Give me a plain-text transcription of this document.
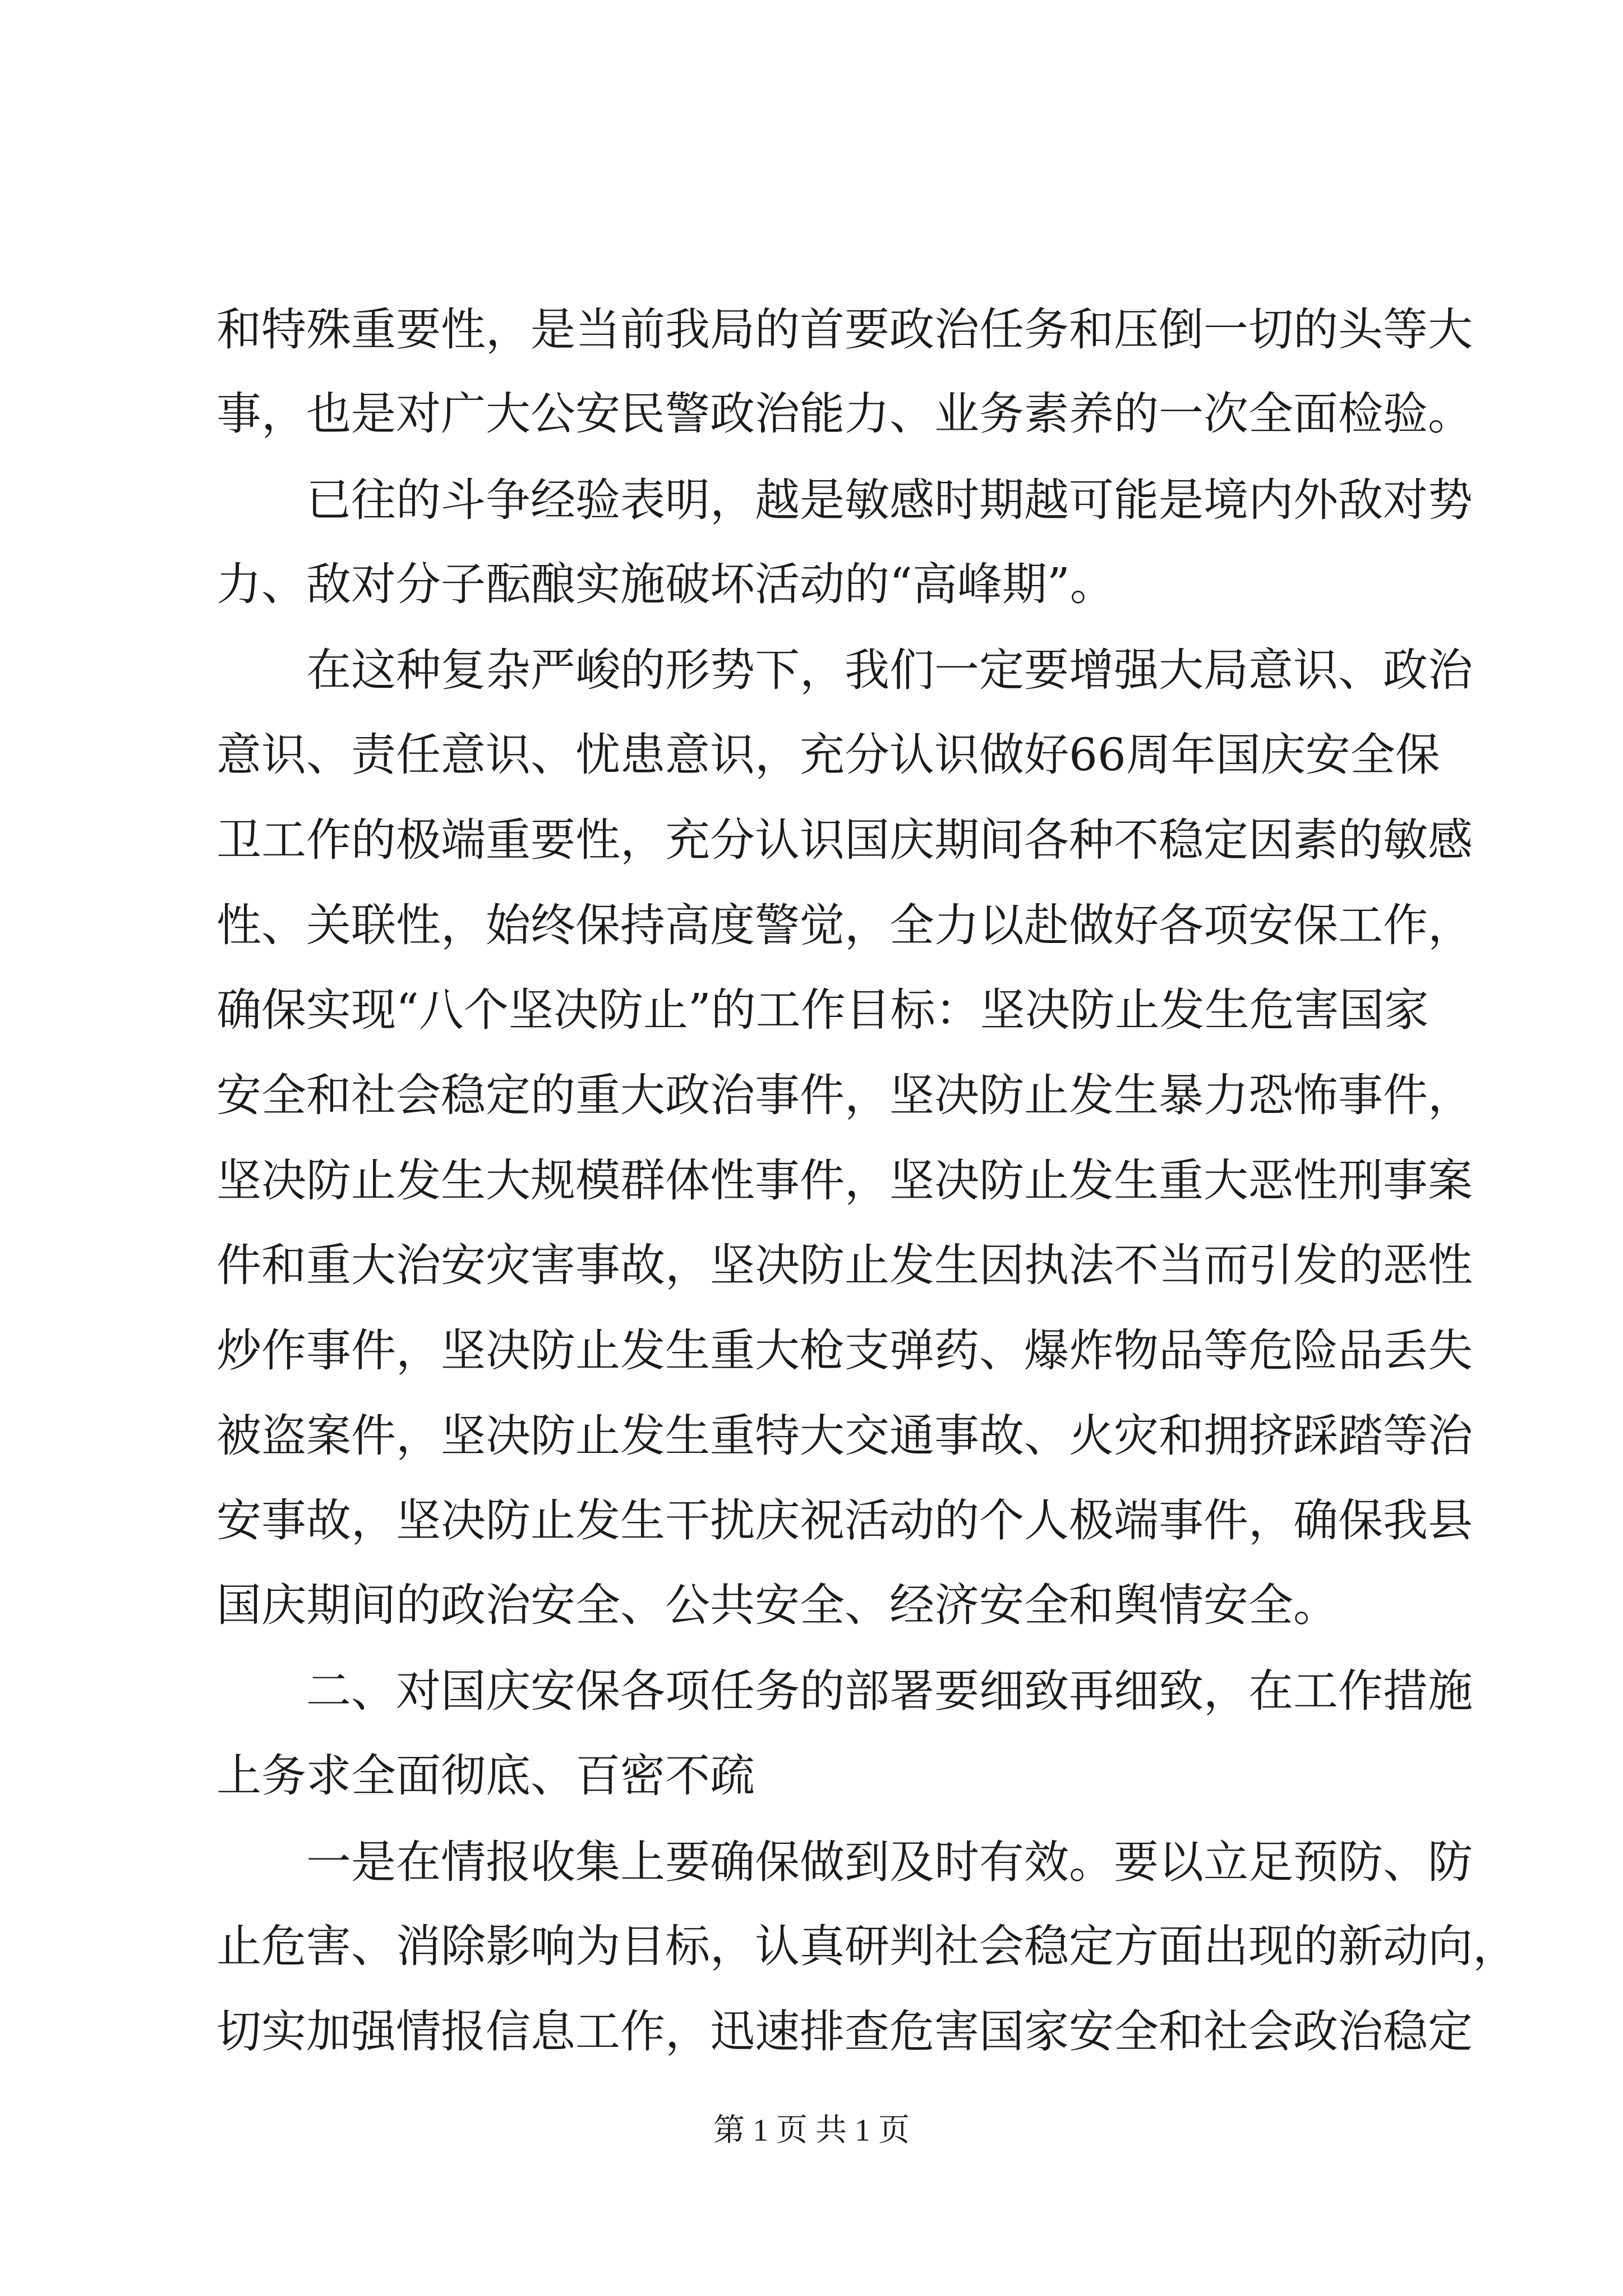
和特殊重要性，是当前我局的首要政治任务和压倒一切的头等大
事，也是对广大公安民警政治能力、业务素养的一次全面检验。
已往的斗争经验表明，越是敏感时期越可能是境内外敌对势
力、敌对分子酝酿实施破坏活动的“高峰期”。
在这种复杂严峻的形势下，我们一定要增强大局意识、政治
意识、责任意识、忧患意识，充分认识做好66周年国庆安全保
卫工作的极端重要性，充分认识国庆期间各种不稳定因素的敏感
性、关联性，始终保持高度警觉，全力以赴做好各项安保工作，
确保实现“八个坚决防止”的工作目标：坚决防止发生危害国家
安全和社会稳定的重大政治事件，坚决防止发生暴力恐怖事件，
坚决防止发生大规模群体性事件，坚决防止发生重大恶性刑事案
件和重大治安灾害事故，坚决防止发生因执法不当而引发的恶性
炒作事件，坚决防止发生重大枪支弹药、爆炸物品等危险品丢失
被盗案件，坚决防止发生重特大交通事故、火灾和拥挤踩踏等治
安事故，坚决防止发生干扰庆祝活动的个人极端事件，确保我县
国庆期间的政治安全、公共安全、经济安全和舆情安全。
二、对国庆安保各项任务的部署要细致再细致，在工作措施
上务求全面彻底、百密不疏
一是在情报收集上要确保做到及时有效。要以立足预防、防
止危害、消除影响为目标，认真研判社会稳定方面出现的新动向，
切实加强情报信息工作，迅速排查危害国家安全和社会政治稳定
第 1 页 共 1 页
